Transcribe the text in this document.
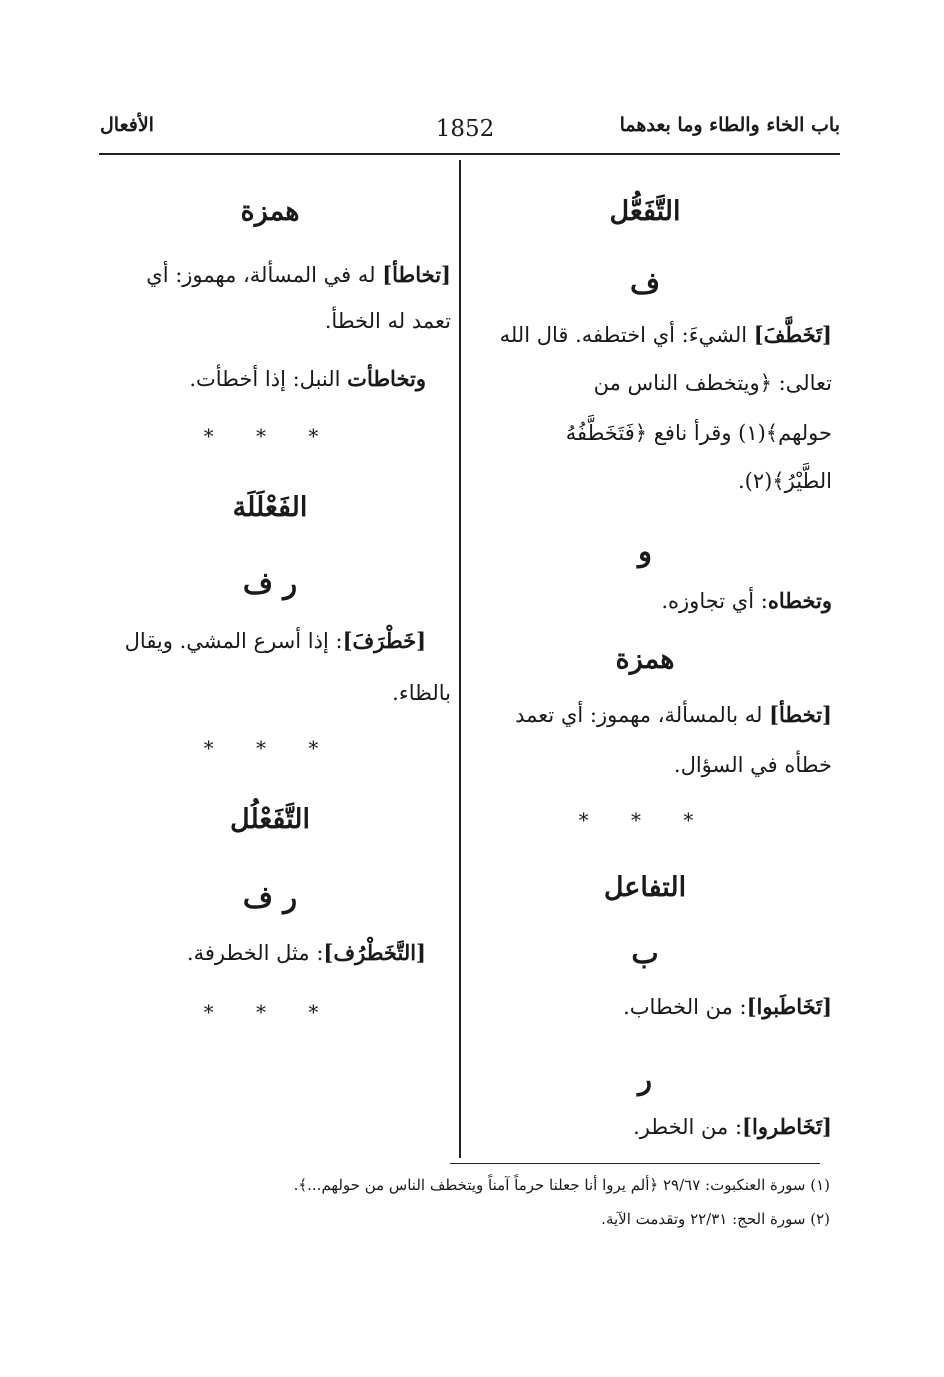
باب الخاء والطاء وما بعدهما
1852
الأفعال
التَّفَعُّل
ف
[تَخَطَّفَ] الشيءَ: أي اختطفه. قال الله
تعالى: ﴿ويتخطف الناس من
حولهم﴾(١) وقرأ نافع ﴿فَتَخَطَّفُهُ
الطَّيْرُ﴾(٢).
و
وتخطاه: أي تجاوزه.
همزة
[تخطأ] له بالمسألة، مهموز: أي تعمد
خطأه في السؤال.
* * *
التفاعل
ب
[تَخَاطَبوا]: من الخطاب.
ر
[تَخَاطروا]: من الخطر.
همزة
[تخاطأ] له في المسألة، مهموز: أي
تعمد له الخطأ.
وتخاطأت النبل: إذا أخطأت.
* * *
الفَعْلَلَة
ر ف
[خَطْرَفَ]: إذا أسرع المشي. ويقال
بالظاء.
* * *
التَّفَعْلُل
ر ف
[التَّخَطْرُف]: مثل الخطرفة.
* * *
(١) سورة العنكبوت: ٢٩/٦٧ ﴿ألم يروا أنا جعلنا حرماً آمناً ويتخطف الناس من حولهم...﴾.
(٢) سورة الحج: ٢٢/٣١ وتقدمت الآية.
